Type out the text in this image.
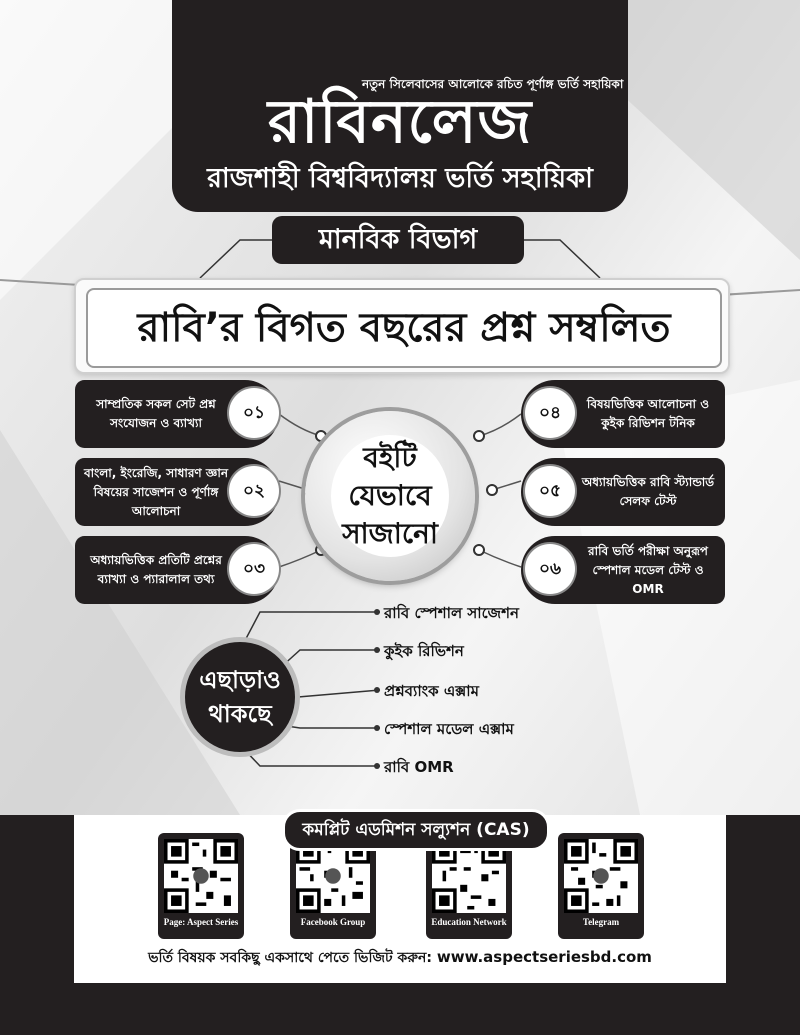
নতুন সিলেবাসের আলোকে রচিত পূর্ণাঙ্গ ভর্তি সহায়িকা
রাবিনলেজ
রাজশাহী বিশ্ববিদ্যালয় ভর্তি সহায়িকা
মানবিক বিভাগ
রাবি’র বিগত বছরের প্রশ্ন সম্বলিত
সাম্প্রতিক সকল সেট প্রশ্ন সংযোজন ও ব্যাখ্যা	০১
বাংলা, ইংরেজি, সাধারণ জ্ঞান বিষয়ের সাজেশন ও পূর্ণাঙ্গ আলোচনা
০২
অধ্যায়ভিত্তিক প্রতিটি প্রশ্নের ব্যাখ্যা ও প্যারালাল তথ্য	০৩
০৪	বিষয়ভিত্তিক আলোচনা ও কুইক রিভিশন টনিক
০৫	অধ্যায়ভিত্তিক রাবি স্ট্যান্ডার্ড সেলফ টেস্ট
০৬
রাবি ভর্তি পরীক্ষা অনুরূপ স্পেশাল মডেল টেস্ট ও OMR
বইটি
যেভাবে
সাজানো
এছাড়াও
থাকছে
রাবি স্পেশাল সাজেশন
কুইক রিভিশন
প্রশ্নব্যাংক এক্সাম
স্পেশাল মডেল এক্সাম
রাবি OMR
Page: Aspect Series	Facebook Group	Education Network	Telegram
ভর্তি বিষয়ক সবকিছু একসাথে পেতে ভিজিট করুন: www.aspectseriesbd.com
কমপ্লিট এডমিশন সল্যুশন (CAS)
